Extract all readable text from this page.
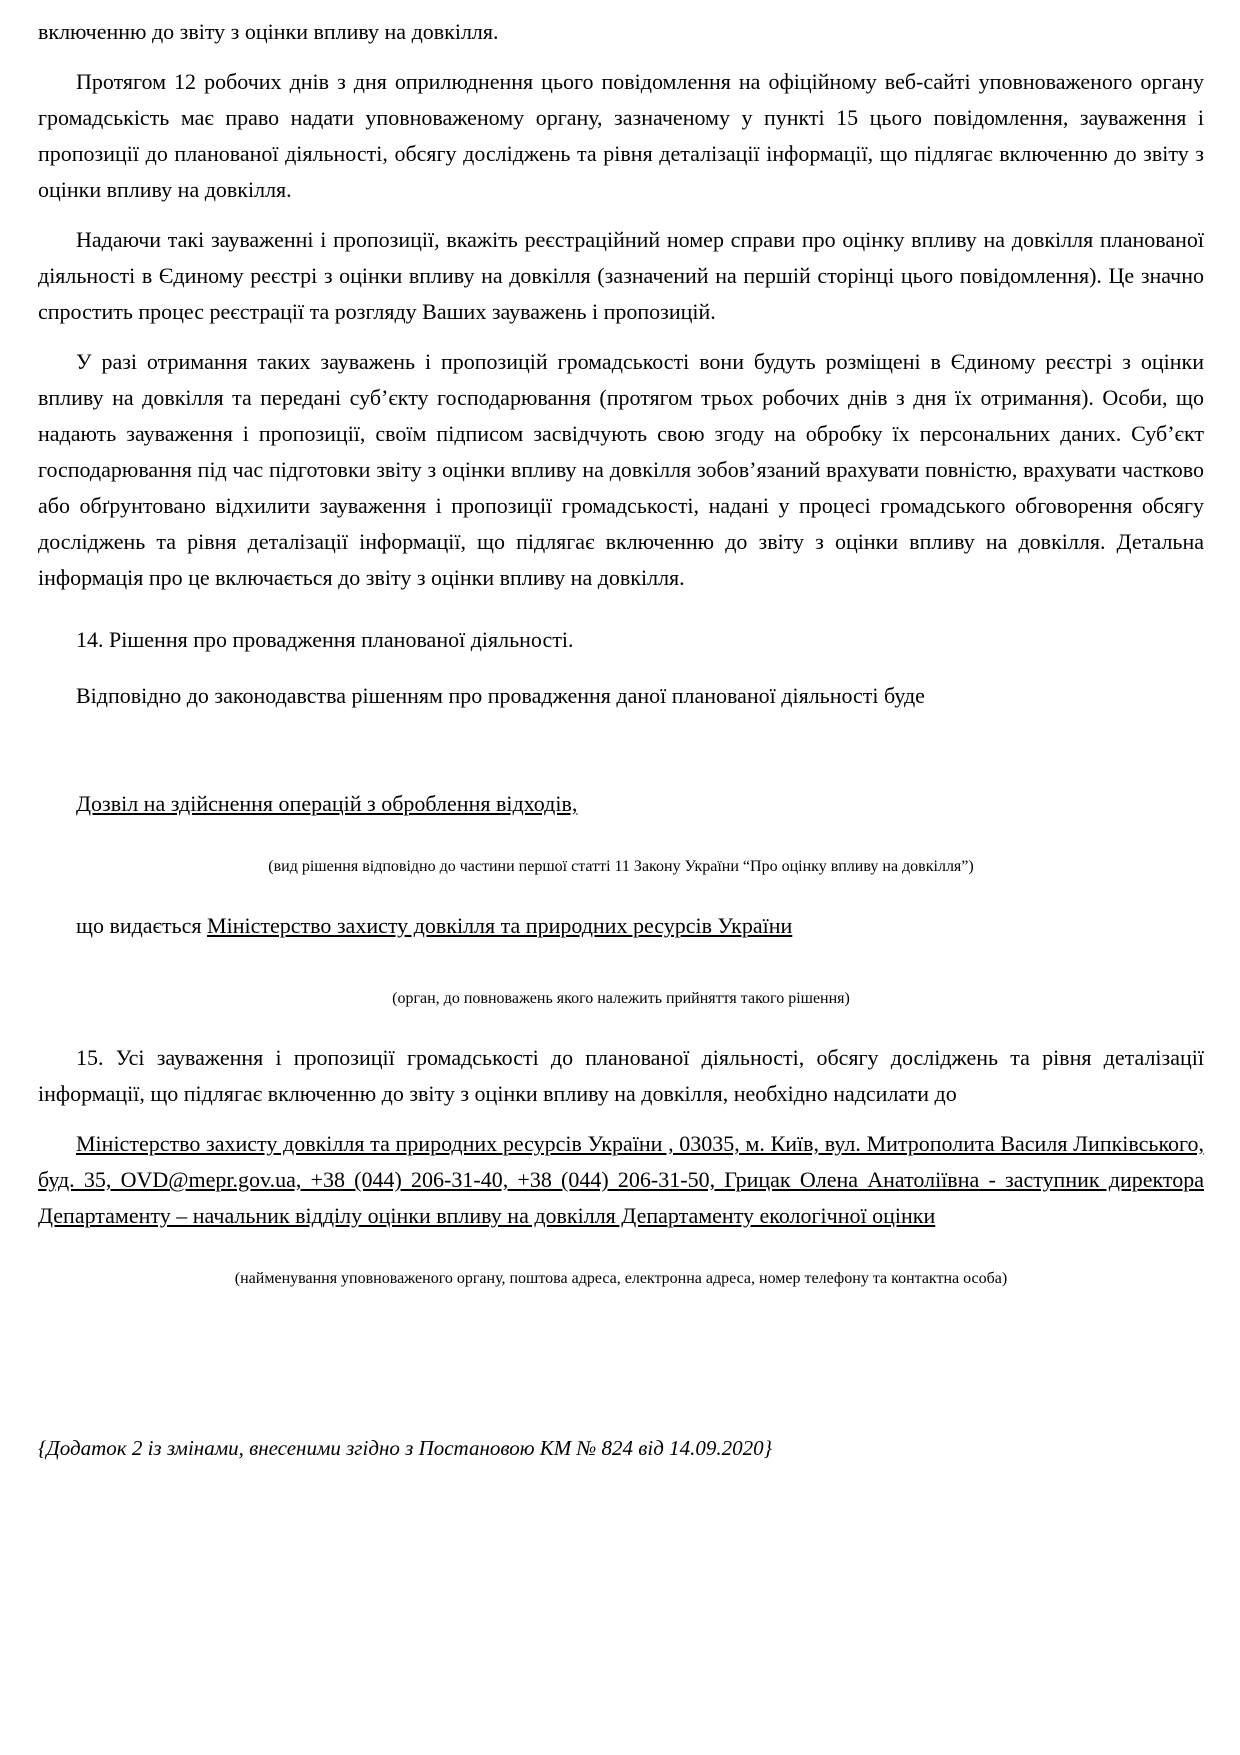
включенню до звіту з оцінки впливу на довкілля.

Протягом 12 робочих днів з дня оприлюднення цього повідомлення на офіційному веб-сайті уповноваженого органу громадськість має право надати уповноваженому органу, зазначеному у пункті 15 цього повідомлення, зауваження і пропозиції до планованої діяльності, обсягу досліджень та рівня деталізації інформації, що підлягає включенню до звіту з оцінки впливу на довкілля.

Надаючи такі зауваженні і пропозиції, вкажіть реєстраційний номер справи про оцінку впливу на довкілля планованої діяльності в Єдиному реєстрі з оцінки впливу на довкілля (зазначений на першій сторінці цього повідомлення). Це значно спростить процес реєстрації та розгляду Ваших зауважень і пропозицій.

У разі отримання таких зауважень і пропозицій громадськості вони будуть розміщені в Єдиному реєстрі з оцінки впливу на довкілля та передані суб’єкту господарювання (протягом трьох робочих днів з дня їх отримання). Особи, що надають зауваження і пропозиції, своїм підписом засвідчують свою згоду на обробку їх персональних даних. Суб’єкт господарювання під час підготовки звіту з оцінки впливу на довкілля зобов’язаний врахувати повністю, врахувати частково або обґрунтовано відхилити зауваження і пропозиції громадськості, надані у процесі громадського обговорення обсягу досліджень та рівня деталізації інформації, що підлягає включенню до звіту з оцінки впливу на довкілля. Детальна інформація про це включається до звіту з оцінки впливу на довкілля.

14. Рішення про провадження планованої діяльності.

Відповідно до законодавства рішенням про провадження даної планованої діяльності буде

Дозвіл на здійснення операцій з оброблення відходів,

(вид рішення відповідно до частини першої статті 11 Закону України “Про оцінку впливу на довкілля”)

що видається Міністерство захисту довкілля та природних ресурсів України

(орган, до повноважень якого належить прийняття такого рішення)

15. Усі зауваження і пропозиції громадськості до планованої діяльності, обсягу досліджень та рівня деталізації інформації, що підлягає включенню до звіту з оцінки впливу на довкілля, необхідно надсилати до

Міністерство захисту довкілля та природних ресурсів України , 03035, м. Київ, вул. Митрополита Василя Липківського, буд. 35, OVD@mepr.gov.ua, +38 (044) 206-31-40, +38 (044) 206-31-50, Грицак Олена Анатоліївна - заступник директора Департаменту – начальник відділу оцінки впливу на довкілля Департаменту екологічної оцінки

(найменування уповноваженого органу, поштова адреса, електронна адреса, номер телефону та контактна особа)

{Додаток 2 із змінами, внесеними згідно з Постановою КМ № 824 від 14.09.2020}
